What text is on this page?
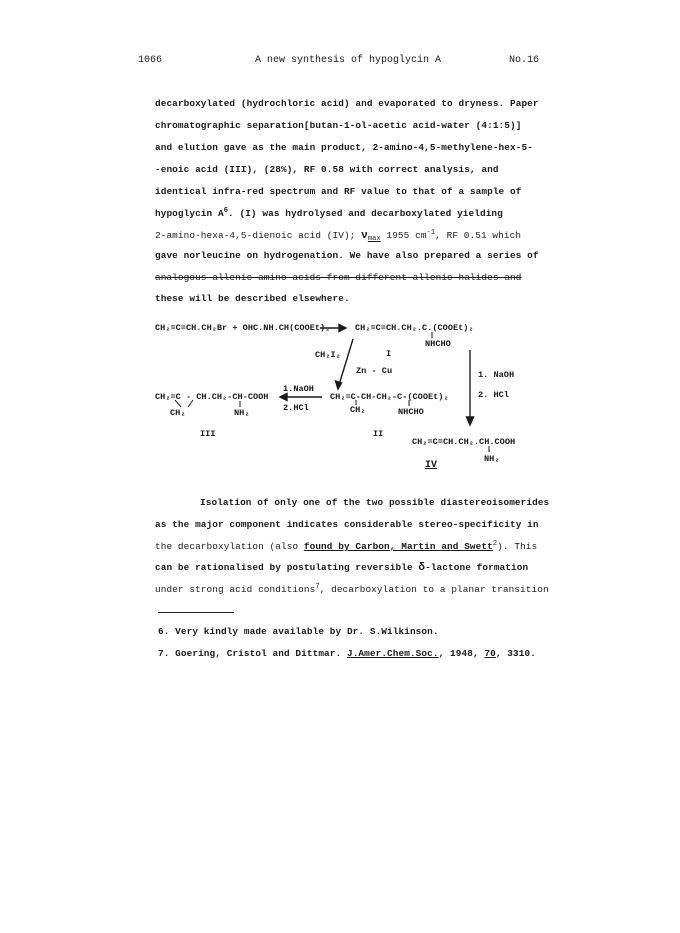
1066	A new synthesis of hypoglycin A	No.16
decarboxylated (hydrochloric acid) and evaporated to dryness. Paper
chromatographic separation[butan-1-ol-acetic acid-water (4:1:5)]
and elution gave as the main product, 2-amino-4,5-methylene-hex-5-
-enoic acid (III), (28%), RF 0.58 with correct analysis, and
identical infra-red spectrum and RF value to that of a sample of
hypoglycin $A^6$. (I) was hydrolysed and decarboxylated yielding
2-amino-hexa-4,5-dienoic acid (IV); $\nu_{max}$ 1955 $cm^{-1}$, RF 0.51 which
gave norleucine on hydrogenation. We have also prepared a series of
analogous allenic amino-acids from different allenic halides and
these will be described elsewhere.
CH₂=C=CH.CH₂Br + OHC.NH.CH(COOEt)₂	CH₂=C=CH.CH₂.C.(COOEt)₂
NHCHO
CH₂I₂	I
Zn - Cu	1. NaOH
2. HCl
1.NaOH
2.HCl
CH₂=C - CH.CH₂-CH-COOH
CH₂	NH₂
III
CH₂=C-CH-CH₂-C-(COOEt)₂
CH₂	NHCHO
II
CH₂=C=CH.CH₂.CH.COOH
NH₂
IV
Isolation of only one of the two possible diastereoisomerides
as the major component indicates considerable stereo-specificity in
the decarboxylation (also found by Carbon, Martin and Swett$^2$). This
can be rationalised by postulating reversible δ-lactone formation
under strong acid conditions$^7$, decarboxylation to a planar transition
6. Very kindly made available by Dr. S.Wilkinson.
7. Goering, Cristol and Dittmar. J.Amer.Chem.Soc., 1948, 70, 3310.
